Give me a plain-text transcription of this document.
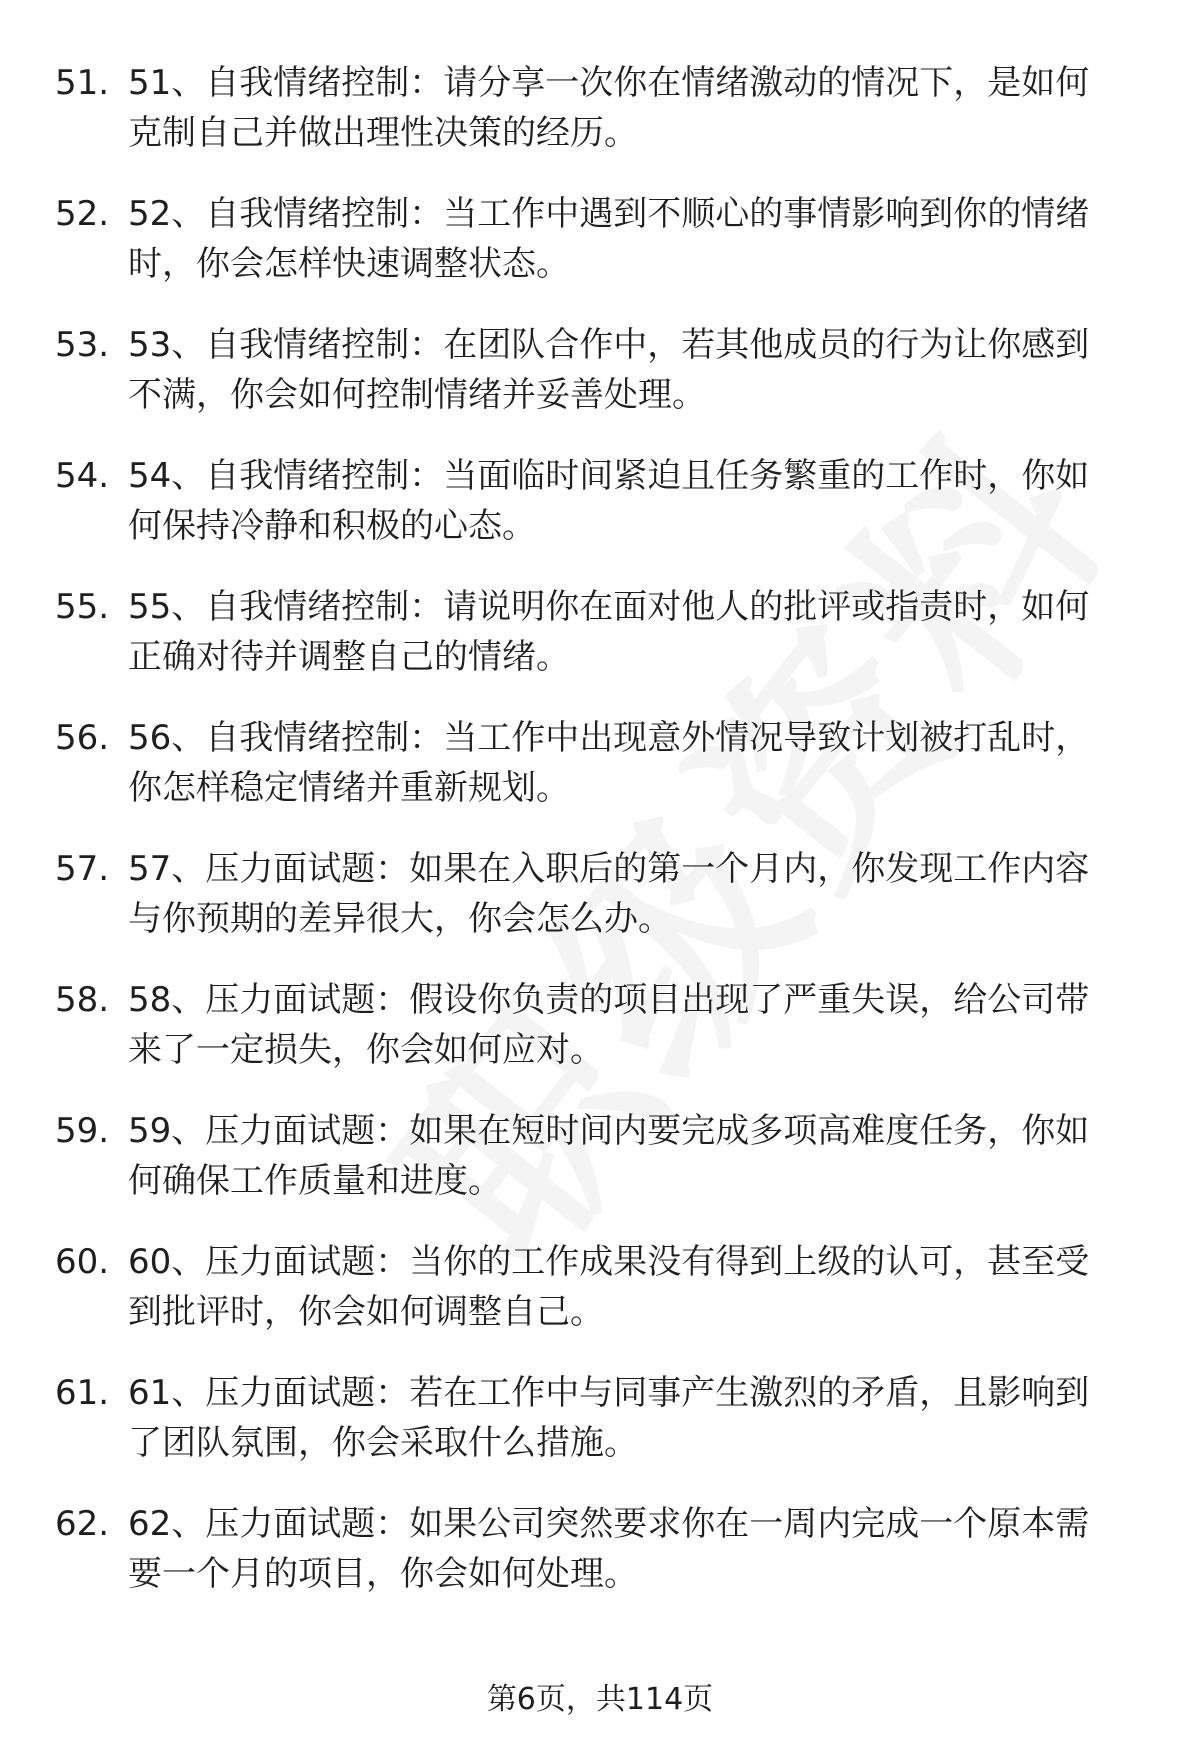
51. 51、自我情绪控制：请分享一次你在情绪激动的情况下，是如何
克制自己并做出理性决策的经历。
52. 52、自我情绪控制：当工作中遇到不顺心的事情影响到你的情绪
时，你会怎样快速调整状态。
53. 53、自我情绪控制：在团队合作中，若其他成员的行为让你感到
不满，你会如何控制情绪并妥善处理。
54. 54、自我情绪控制：当面临时间紧迫且任务繁重的工作时，你如
何保持冷静和积极的心态。
55. 55、自我情绪控制：请说明你在面对他人的批评或指责时，如何
正确对待并调整自己的情绪。
56. 56、自我情绪控制：当工作中出现意外情况导致计划被打乱时，
你怎样稳定情绪并重新规划。
57. 57、压力面试题：如果在入职后的第一个月内，你发现工作内容
与你预期的差异很大，你会怎么办。
58. 58、压力面试题：假设你负责的项目出现了严重失误，给公司带
来了一定损失，你会如何应对。
59. 59、压力面试题：如果在短时间内要完成多项高难度任务，你如
何确保工作质量和进度。
60. 60、压力面试题：当你的工作成果没有得到上级的认可，甚至受
到批评时，你会如何调整自己。
61. 61、压力面试题：若在工作中与同事产生激烈的矛盾，且影响到
了团队氛围，你会采取什么措施。
62. 62、压力面试题：如果公司突然要求你在一周内完成一个原本需
要一个月的项目，你会如何处理。
第6页，共114页
